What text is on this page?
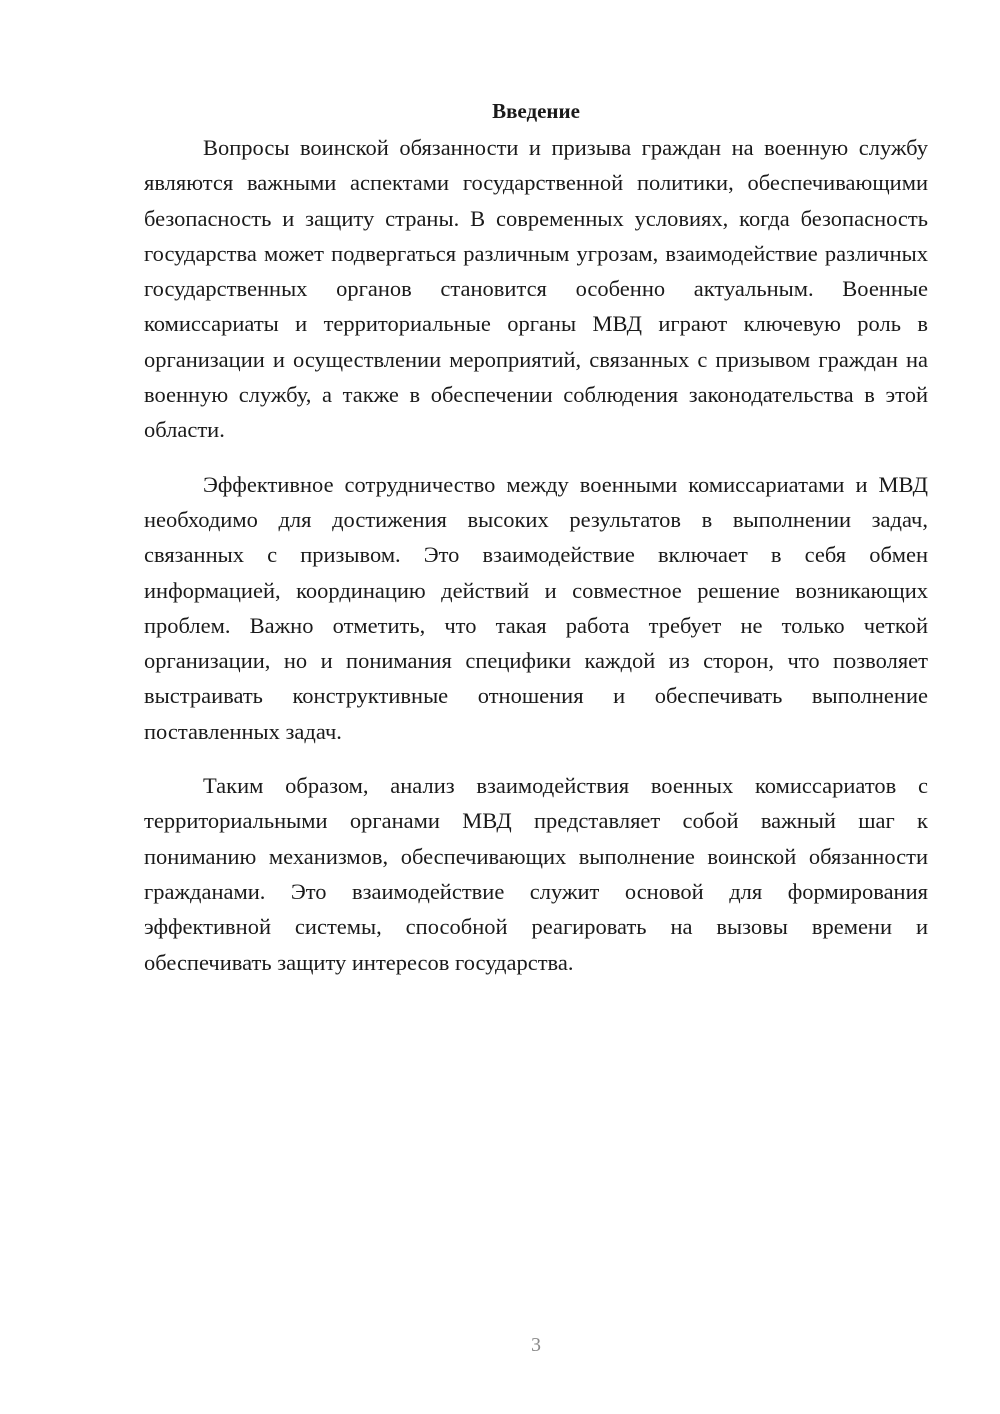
Введение

Вопросы воинской обязанности и призыва граждан на военную службу являются важными аспектами государственной политики, обеспечивающими безопасность и защиту страны. В современных условиях, когда безопасность государства может подвергаться различным угрозам, взаимодействие различных государственных органов становится особенно актуальным. Военные комиссариаты и территориальные органы МВД играют ключевую роль в организации и осуществлении мероприятий, связанных с призывом граждан на военную службу, а также в обеспечении соблюдения законодательства в этой области.

Эффективное сотрудничество между военными комиссариатами и МВД необходимо для достижения высоких результатов в выполнении задач, связанных с призывом. Это взаимодействие включает в себя обмен информацией, координацию действий и совместное решение возникающих проблем. Важно отметить, что такая работа требует не только четкой организации, но и понимания специфики каждой из сторон, что позволяет выстраивать конструктивные отношения и обеспечивать выполнение поставленных задач.

Таким образом, анализ взаимодействия военных комиссариатов с территориальными органами МВД представляет собой важный шаг к пониманию механизмов, обеспечивающих выполнение воинской обязанности гражданами. Это взаимодействие служит основой для формирования эффективной системы, способной реагировать на вызовы времени и обеспечивать защиту интересов государства.

3
